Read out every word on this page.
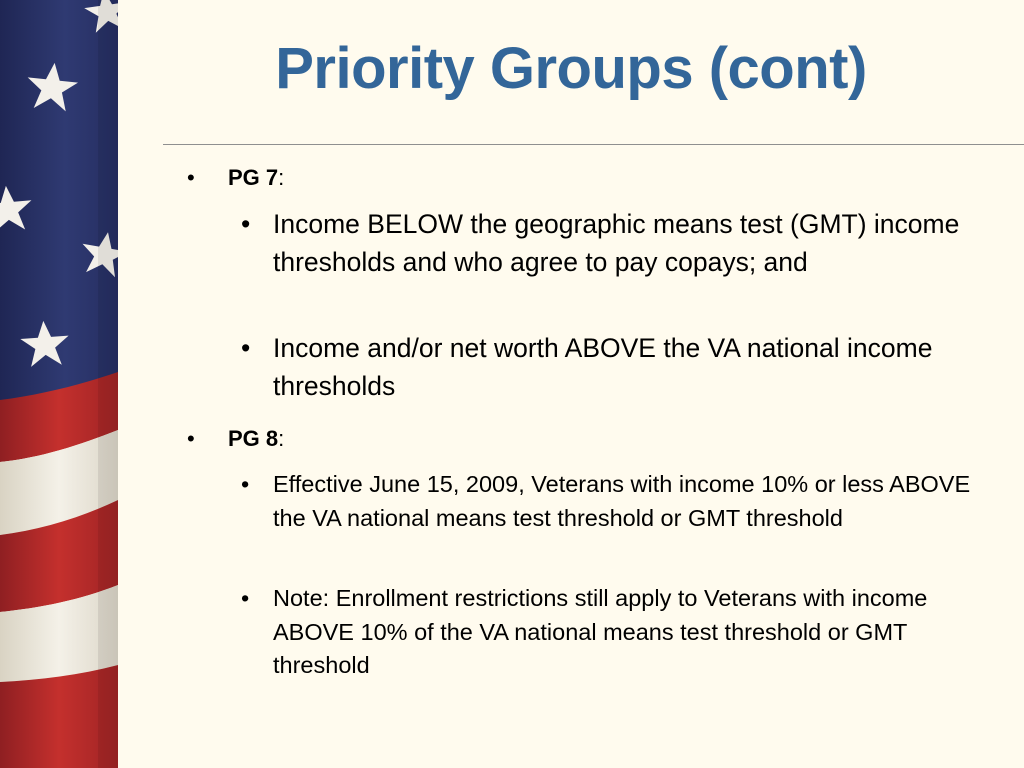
Priority Groups (cont)
•	PG 7:
• Income BELOW the geographic means test (GMT) income thresholds and who agree to pay copays; and
• Income and/or net worth ABOVE the VA national income thresholds
•	PG 8:
• Effective June 15, 2009, Veterans with income 10% or less ABOVE the VA national means test threshold or GMT threshold
• Note: Enrollment restrictions still apply to Veterans with income ABOVE 10% of the VA national means test threshold or GMT threshold
